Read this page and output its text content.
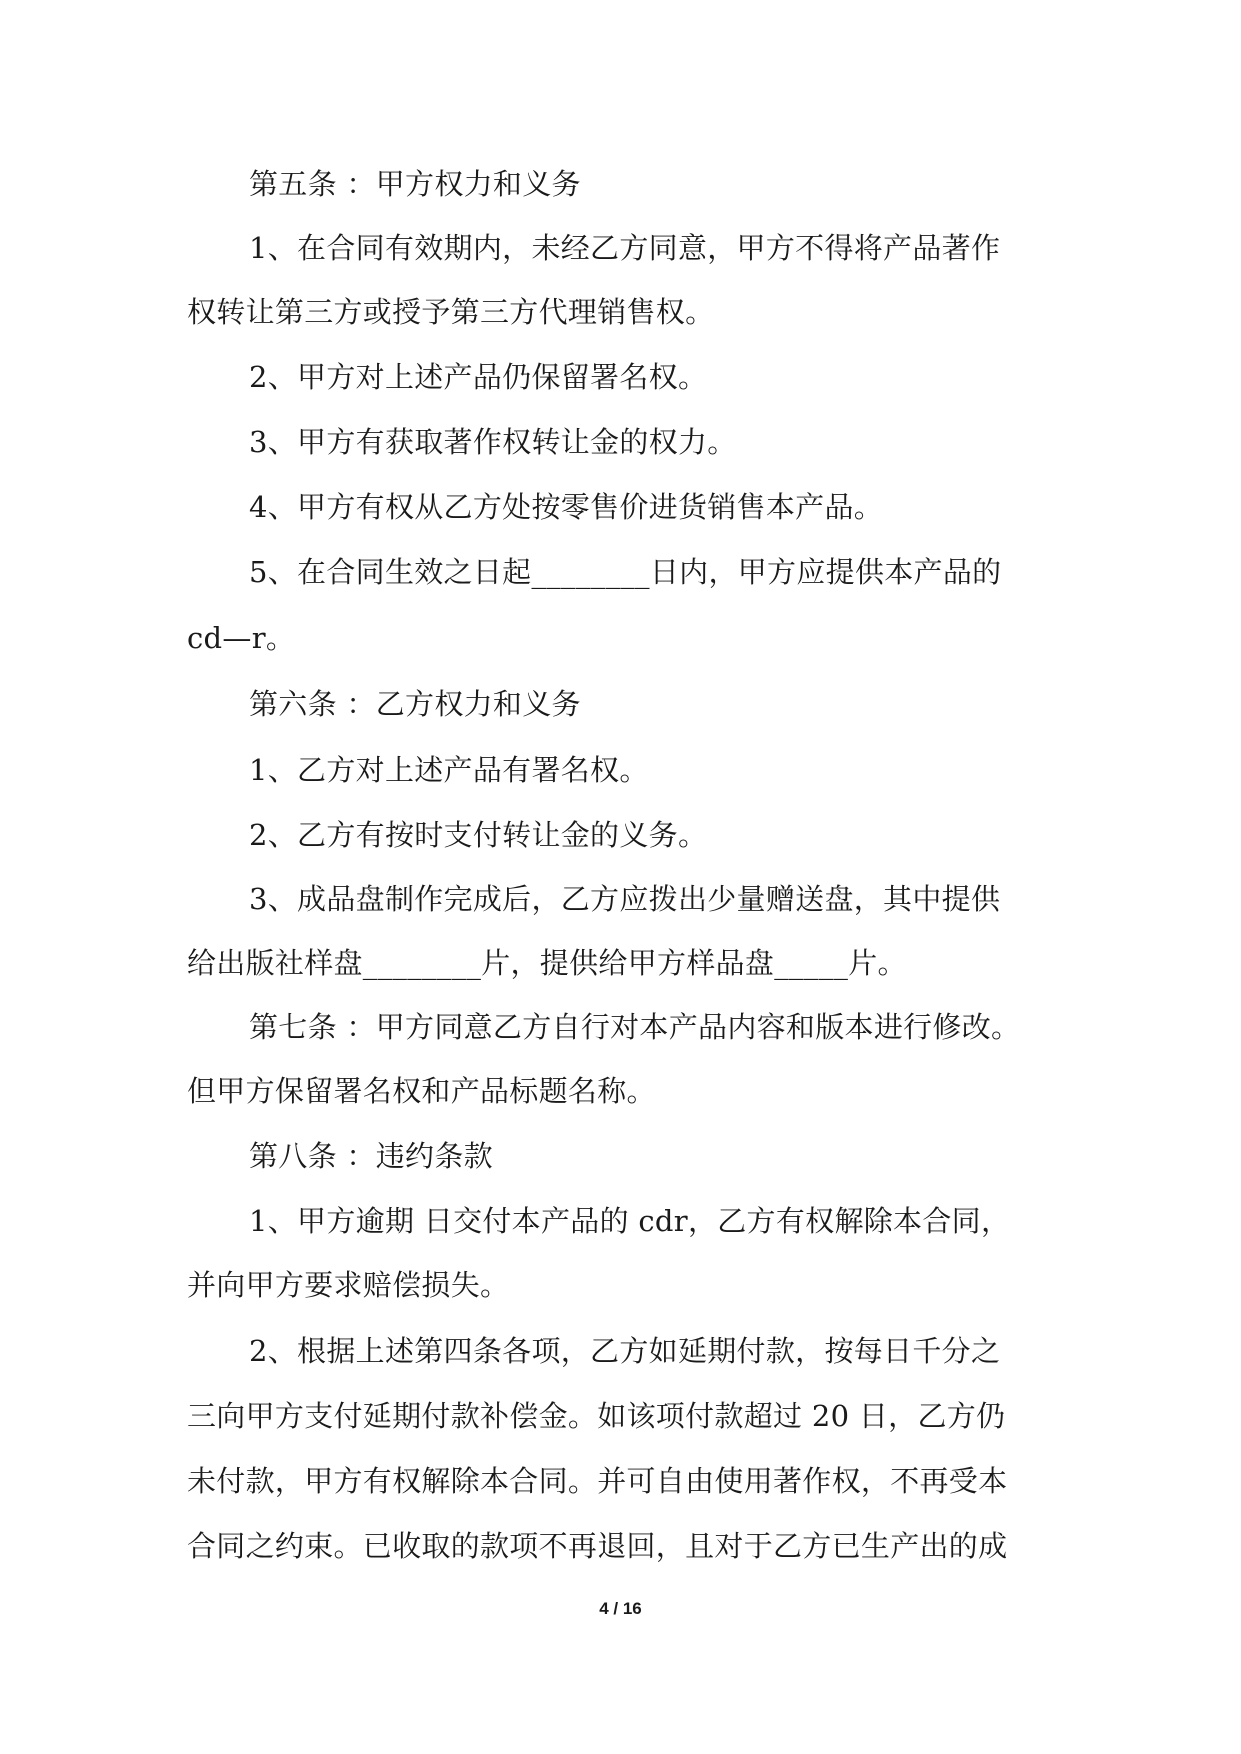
第五条 ：甲方权力和义务

1、在合同有效期内，未经乙方同意，甲方不得将产品著作

权转让第三方或授予第三方代理销售权。

2、甲方对上述产品仍保留署名权。

3、甲方有获取著作权转让金的权力。

4、甲方有权从乙方处按零售价进货销售本产品。

5、在合同生效之日起________日内，甲方应提供本产品的

cd—r。

第六条 ：乙方权力和义务

1、乙方对上述产品有署名权。

2、乙方有按时支付转让金的义务。

3、成品盘制作完成后，乙方应拨出少量赠送盘，其中提供

给出版社样盘________片，提供给甲方样品盘_____片。

第七条 ：甲方同意乙方自行对本产品内容和版本进行修改。

但甲方保留署名权和产品标题名称。

第八条 ：违约条款

1、甲方逾期 日交付本产品的 cdr，乙方有权解除本合同，

并向甲方要求赔偿损失。

2、根据上述第四条各项，乙方如延期付款，按每日千分之

三向甲方支付延期付款补偿金。如该项付款超过 20 日，乙方仍

未付款，甲方有权解除本合同。并可自由使用著作权，不再受本

合同之约束。已收取的款项不再退回，且对于乙方已生产出的成

4 / 16
